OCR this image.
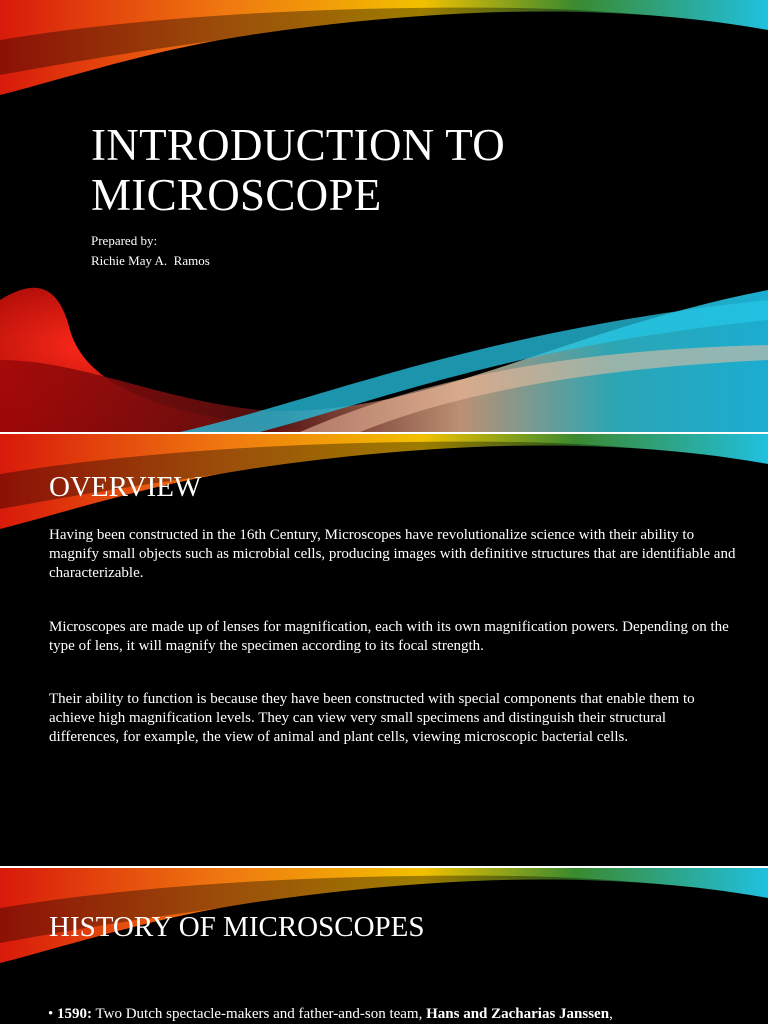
INTRODUCTION TO
MICROSCOPE
Prepared by:
Richie May A.  Ramos
OVERVIEW
Having been constructed in the 16th Century, Microscopes have revolutionalize science with their ability to magnify small objects such as microbial cells, producing images with definitive structures that are identifiable and characterizable.
Microscopes are made up of lenses for magnification, each with its own magnification powers. Depending on the type of lens, it will magnify the specimen according to its focal strength.
Their ability to function is because they have been constructed with special components that enable them to achieve high magnification levels. They can view very small specimens and distinguish their structural differences, for example, the view of animal and plant cells, viewing microscopic bacterial cells.
HISTORY OF MICROSCOPES
• 1590: Two Dutch spectacle-makers and father-and-son team, Hans and Zacharias Janssen,
